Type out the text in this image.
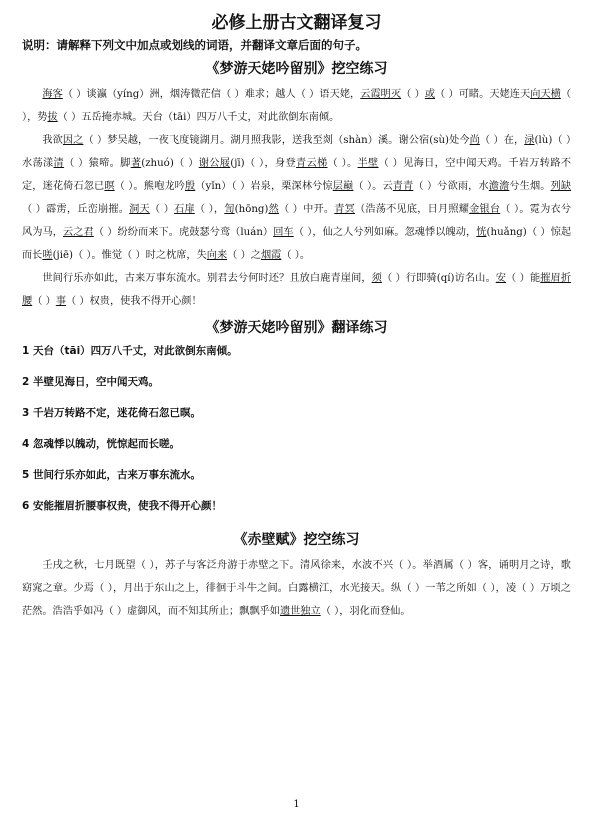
必修上册古文翻译复习
说明：请解释下列文中加点或划线的词语，并翻译文章后面的句子。
《梦游天姥吟留别》挖空练习

海客（ ）谈瀛（yíng）洲，烟涛微茫信（ ）难求；越人（ ）语天姥，云霞明灭（ ）或（ ）可睹。天姥连天向天横（ ），势拔（ ）五岳掩赤城。天台（tāi）四万八千丈，对此欲倒东南倾。

我欲因之（ ）梦吴越，一夜飞度镜湖月。湖月照我影，送我至剡（shàn）溪。谢公宿(sù)处今尚（ ）在，渌(lù)（ ）水荡漾清（ ）猿啼。脚著(zhuó)（ ）谢公屐(jī)（ ），身登青云梯（ ）。半壁（ ）见海日，空中闻天鸡。千岩万转路不定，迷花倚石忽已暝（ ）。熊咆龙吟殷（yǐn）（ ）岩泉，栗深林兮惊层巅（ ）。云青青（ ）兮欲雨，水澹澹兮生烟。列缺（ ）霹雳，丘峦崩摧。洞天（ ）石扉（ ），訇(hōng)然（ ）中开。青冥（浩荡不见底，日月照耀金银台（ ）。霓为衣兮风为马，云之君（ ）纷纷而来下。虎鼓瑟兮鸾（luán）回车（ ），仙之人兮列如麻。忽魂悸以魄动，恍(huǎng)（ ）惊起而长嗟(jiē)（ ）。惟觉（ ）时之枕席，失向来（ ）之烟霞（ ）。

世间行乐亦如此，古来万事东流水。别君去兮何时还？且放白鹿青崖间，须（ ）行即骑(qí)访名山。安（ ）能摧眉折腰（ ）事（ ）权贵，使我不得开心颜！

《梦游天姥吟留别》翻译练习
1 天台（tāi）四万八千丈，对此欲倒东南倾。
2 半壁见海日，空中闻天鸡。
3 千岩万转路不定，迷花倚石忽已暝。
4 忽魂悸以魄动，恍惊起而长嗟。
5 世间行乐亦如此，古来万事东流水。
6 安能摧眉折腰事权贵，使我不得开心颜！
《赤壁赋》挖空练习

壬戌之秋，七月既望（ ），苏子与客泛舟游于赤壁之下。清风徐来，水波不兴（ ）。举酒属（ ）客，诵明月之诗，歌窈窕之章。少焉（ ），月出于东山之上，徘徊于斗牛之间。白露横江，水光接天。纵（ ）一苇之所如（ ），凌（ ）万顷之茫然。浩浩乎如冯（ ）虚御风，而不知其所止；飘飘乎如遗世独立（ ），羽化而登仙。

1
